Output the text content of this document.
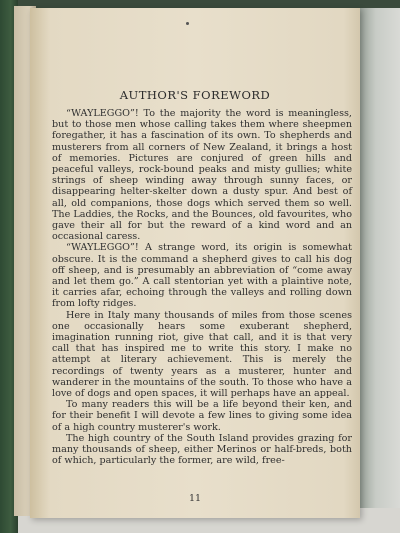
AUTHOR'S FOREWORD

“WAYLEGGO”! To the majority the word is meaningless, but to those men whose calling takes them where sheepmen foregather, it has a fascination of its own. To shepherds and musterers from all corners of New Zealand, it brings a host of memories. Pictures are conjured of green hills and peaceful valleys, rock-bound peaks and misty gullies; white strings of sheep winding away through sunny faces, or disappearing helter-skelter down a dusty spur. And best of all, old companions, those dogs which served them so well. The Laddies, the Rocks, and the Bounces, old favourites, who gave their all for but the reward of a kind word and an occasional caress.

“WAYLEGGO”! A strange word, its origin is somewhat obscure. It is the command a shepherd gives to call his dog off sheep, and is presumably an abbreviation of “come away and let them go.” A call stentorian yet with a plaintive note, it carries afar, echoing through the valleys and rolling down from lofty ridges.

Here in Italy many thousands of miles from those scenes one occasionally hears some exuberant shepherd, imagination running riot, give that call, and it is that very call that has inspired me to write this story. I make no attempt at literary achievement. This is merely the recordings of twenty years as a musterer, hunter and wanderer in the mountains of the south. To those who have a love of dogs and open spaces, it will perhaps have an appeal.

To many readers this will be a life beyond their ken, and for their benefit I will devote a few lines to giving some idea of a high country musterer's work.

The high country of the South Island provides grazing for many thousands of sheep, either Merinos or half-breds, both of which, particularly the former, are wild, free-

11
